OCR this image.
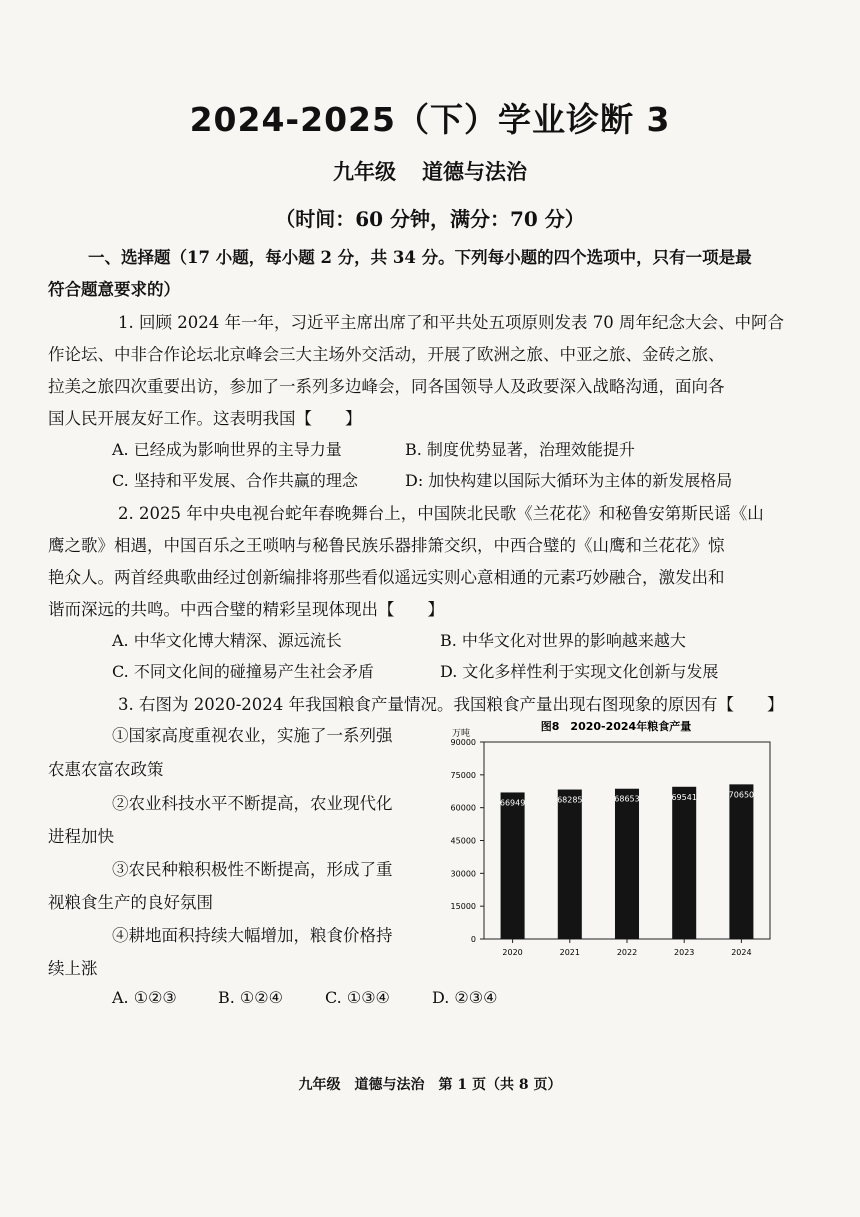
2024-2025（下）学业诊断 3
九年级 道德与法治
（时间：60 分钟，满分：70 分）
一、选择题（17 小题，每小题 2 分，共 34 分。下列每小题的四个选项中，只有一项是最
符合题意要求的）
1. 回顾 2024 年一年，习近平主席出席了和平共处五项原则发表 70 周年纪念大会、中阿合
作论坛、中非合作论坛北京峰会三大主场外交活动，开展了欧洲之旅、中亚之旅、金砖之旅、
拉美之旅四次重要出访，参加了一系列多边峰会，同各国领导人及政要深入战略沟通，面向各
国人民开展友好工作。这表明我国【　　】
A. 已经成为影响世界的主导力量	B. 制度优势显著，治理效能提升
C. 坚持和平发展、合作共赢的理念	D: 加快构建以国际大循环为主体的新发展格局
2. 2025 年中央电视台蛇年春晚舞台上，中国陕北民歌《兰花花》和秘鲁安第斯民谣《山
鹰之歌》相遇，中国百乐之王唢呐与秘鲁民族乐器排箫交织，中西合璧的《山鹰和兰花花》惊
艳众人。两首经典歌曲经过创新编排将那些看似遥远实则心意相通的元素巧妙融合，激发出和
谐而深远的共鸣。中西合璧的精彩呈现体现出【　　】
A. 中华文化博大精深、源远流长	B. 中华文化对世界的影响越来越大
C. 不同文化间的碰撞易产生社会矛盾	D. 文化多样性利于实现文化创新与发展
3. 右图为 2020-2024 年我国粮食产量情况。我国粮食产量出现右图现象的原因有【　　】
①国家高度重视农业，实施了一系列强
农惠农富农政策
②农业科技水平不断提高，农业现代化
进程加快
③农民种粮积极性不断提高，形成了重
视粮食生产的良好氛围
④耕地面积持续大幅增加，粮食价格持
续上涨
A. ①②③	B. ①②④	C. ①③④	D. ②③④
图8　2020-2024年粮食产量
万吨
0
15000
30000
45000
60000
75000
90000
66949
2020
68285
2021
68653
2022
69541
2023
70650
2024
九年级 道德与法治 第 1 页（共 8 页）
